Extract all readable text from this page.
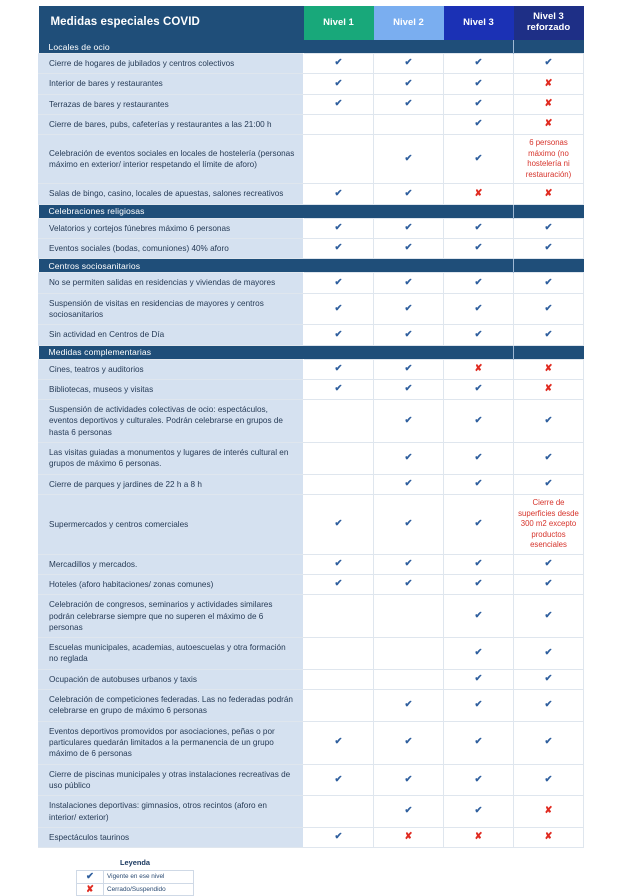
Medidas especiales COVID	Nivel 1	Nivel 2	Nivel 3	Nivel 3 reforzado
Locales de ocio				
Cierre de hogares de jubilados y centros colectivos	✔	✔	✔	✔
Interior de bares y restaurantes	✔	✔	✔	✘
Terrazas de bares y restaurantes	✔	✔	✔	✘
Cierre de bares, pubs, cafeterías y restaurantes a las 21:00 h			✔	✘
Celebración de eventos sociales en locales de hostelería (personas máximo en exterior/ interior respetando el límite de aforo)		✔	✔	6 personas máximo (no hostelería ni restauración)

Salas de bingo, casino, locales de apuestas, salones recreativos	✔	✔	✘	✘
Celebraciones religiosas				
Velatorios y cortejos fúnebres máximo 6 personas	✔	✔	✔	✔
Eventos sociales (bodas, comuniones) 40% aforo	✔	✔	✔	✔
Centros sociosanitarios				
No se permiten salidas en residencias y viviendas de mayores	✔	✔	✔	✔
Suspensión de visitas en residencias de mayores y centros sociosanitarios	✔	✔	✔	✔
Sin actividad en Centros de Día	✔	✔	✔	✔
Medidas complementarias				
Cines, teatros y auditorios	✔	✔	✘	✘
Bibliotecas, museos y visitas	✔	✔	✔	✘
Suspensión de actividades colectivas de ocio: espectáculos, eventos deportivos y culturales. Podrán celebrarse en grupos de hasta 6 personas		✔	✔	✔
Las visitas guiadas a monumentos y lugares de interés cultural en grupos de máximo 6 personas.		✔	✔	✔
Cierre de parques y jardines de 22 h a 8 h		✔	✔	✔
Supermercados y centros comerciales	✔	✔	✔	Cierre de superficies desde 300 m2 excepto productos esenciales

Mercadillos y mercados.	✔	✔	✔	✔

Hoteles (aforo habitaciones/ zonas comunes)	✔	✔	✔	✔

Celebración de congresos, seminarios y actividades similares podrán celebrarse siempre que no superen el máximo de 6 personas			✔	✔
Escuelas municipales, academias, autoescuelas y otra formación no reglada			✔	✔

Ocupación de autobuses urbanos y taxis			✔	✔

Celebración de competiciones federadas. Las no federadas podrán celebrarse en grupo de máximo 6 personas		✔	✔	✔

Eventos deportivos promovidos por asociaciones, peñas o por particulares quedarán limitados a la permanencia de un grupo máximo de 6 personas	✔	✔	✔	✔
Cierre de piscinas municipales y otras instalaciones recreativas de uso público	✔	✔	✔	✔
Instalaciones deportivas: gimnasios, otros recintos (aforo en interior/ exterior)		✔	✔	✘
Espectáculos taurinos	✔	✘	✘	✘
Leyenda
✔	Vigente en ese nivel
✘	Cerrado/Suspendido
